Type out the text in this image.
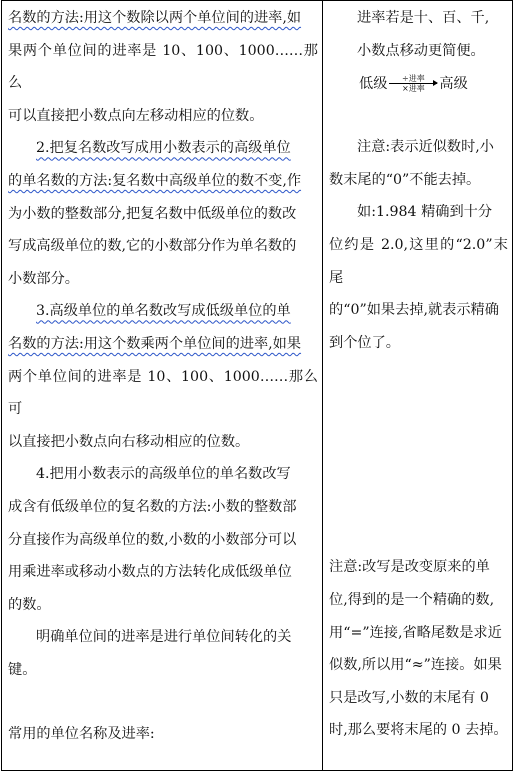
名数的方法:用这个数除以两个单位间的进率,如

果两个单位间的进率是 10、100、1000……那么

可以直接把小数点向左移动相应的位数。

2.把复名数改写成用小数表示的高级单位

的单名数的方法:复名数中高级单位的数不变,作

为小数的整数部分,把复名数中低级单位的数改

写成高级单位的数,它的小数部分作为单名数的

小数部分。

3.高级单位的单名数改写成低级单位的单

名数的方法:用这个数乘两个单位间的进率,如果

两个单位间的进率是 10、100、1000……那么可

以直接把小数点向右移动相应的位数。

4.把用小数表示的高级单位的单名数改写

成含有低级单位的复名数的方法:小数的整数部

分直接作为高级单位的数,小数的小数部分可以

用乘进率或移动小数点的方法转化成低级单位

的数。

明确单位间的进率是进行单位间转化的关

键。

常用的单位名称及进率:

进率若是十、百、千,

小数点移动更简便。

低级 ÷进率
×进率 高级

注意:表示近似数时,小

数末尾的“0”不能去掉。

如:1.984 精确到十分

位约是 2.0,这里的“2.0”末尾

的“0”如果去掉,就表示精确

到个位了。

注意:改写是改变原来的单

位,得到的是一个精确的数,

用“=”连接,省略尾数是求近

似数,所以用“≈”连接。如果

只是改写,小数的末尾有 0

时,那么要将末尾的 0 去掉。
